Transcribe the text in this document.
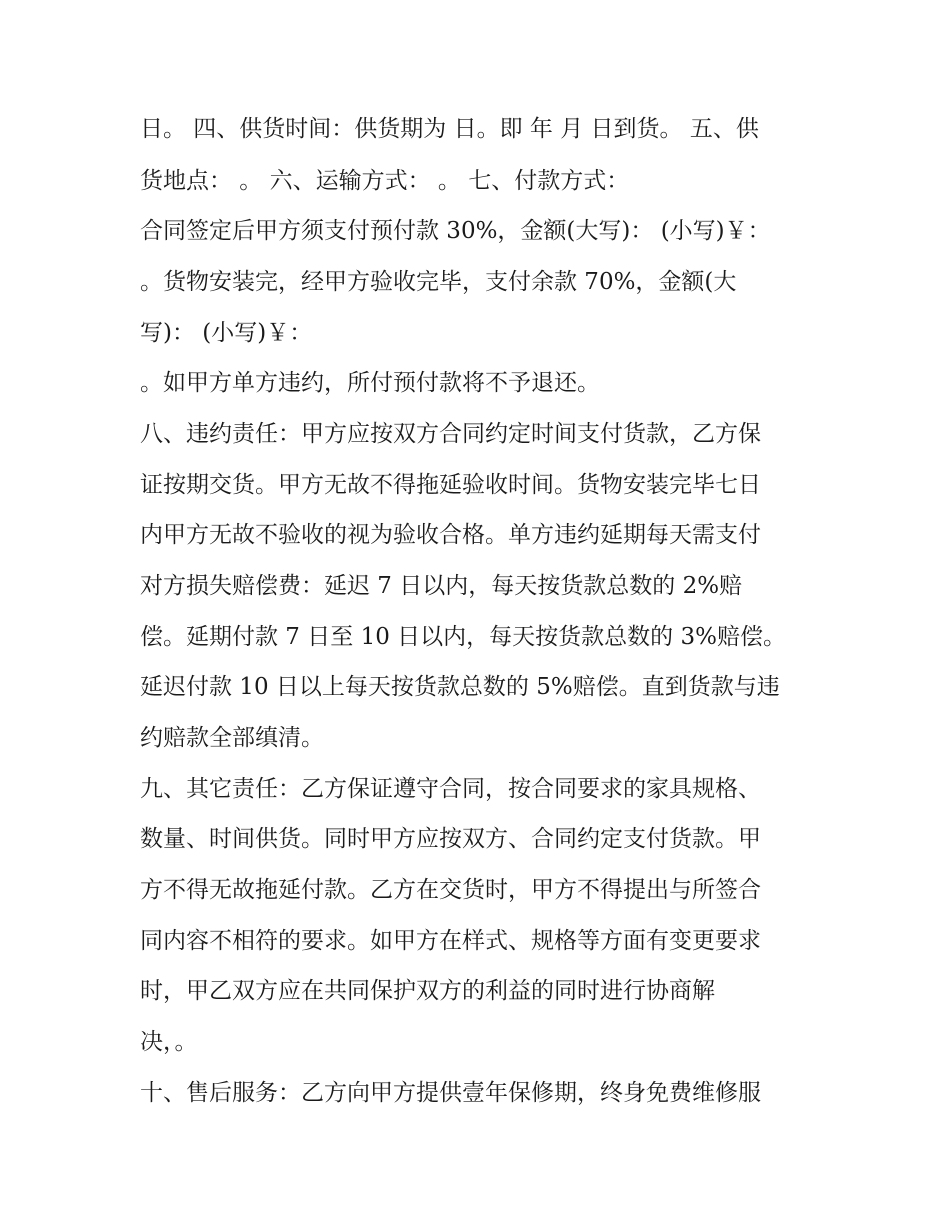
日。 四、供货时间：供货期为 日。即 年 月 日到货。 五、供
货地点： 。 六、运输方式： 。 七、付款方式：
合同签定后甲方须支付预付款 30%，金额(大写)： (小写)￥：
。货物安装完，经甲方验收完毕，支付余款 70%，金额(大
写)： (小写)￥：
。如甲方单方违约，所付预付款将不予退还。
八、违约责任：甲方应按双方合同约定时间支付货款，乙方保
证按期交货。甲方无故不得拖延验收时间。货物安装完毕七日
内甲方无故不验收的视为验收合格。单方违约延期每天需支付
对方损失赔偿费：延迟 7 日以内，每天按货款总数的 2%赔
偿。延期付款 7 日至 10 日以内，每天按货款总数的 3%赔偿。
延迟付款 10 日以上每天按货款总数的 5%赔偿。直到货款与违
约赔款全部缜清。
九、其它责任：乙方保证遵守合同，按合同要求的家具规格、
数量、时间供货。同时甲方应按双方、合同约定支付货款。甲
方不得无故拖延付款。乙方在交货时，甲方不得提出与所签合
同内容不相符的要求。如甲方在样式、规格等方面有变更要求
时，甲乙双方应在共同保护双方的利益的同时进行协商解
决，。
十、售后服务：乙方向甲方提供壹年保修期，终身免费维修服
